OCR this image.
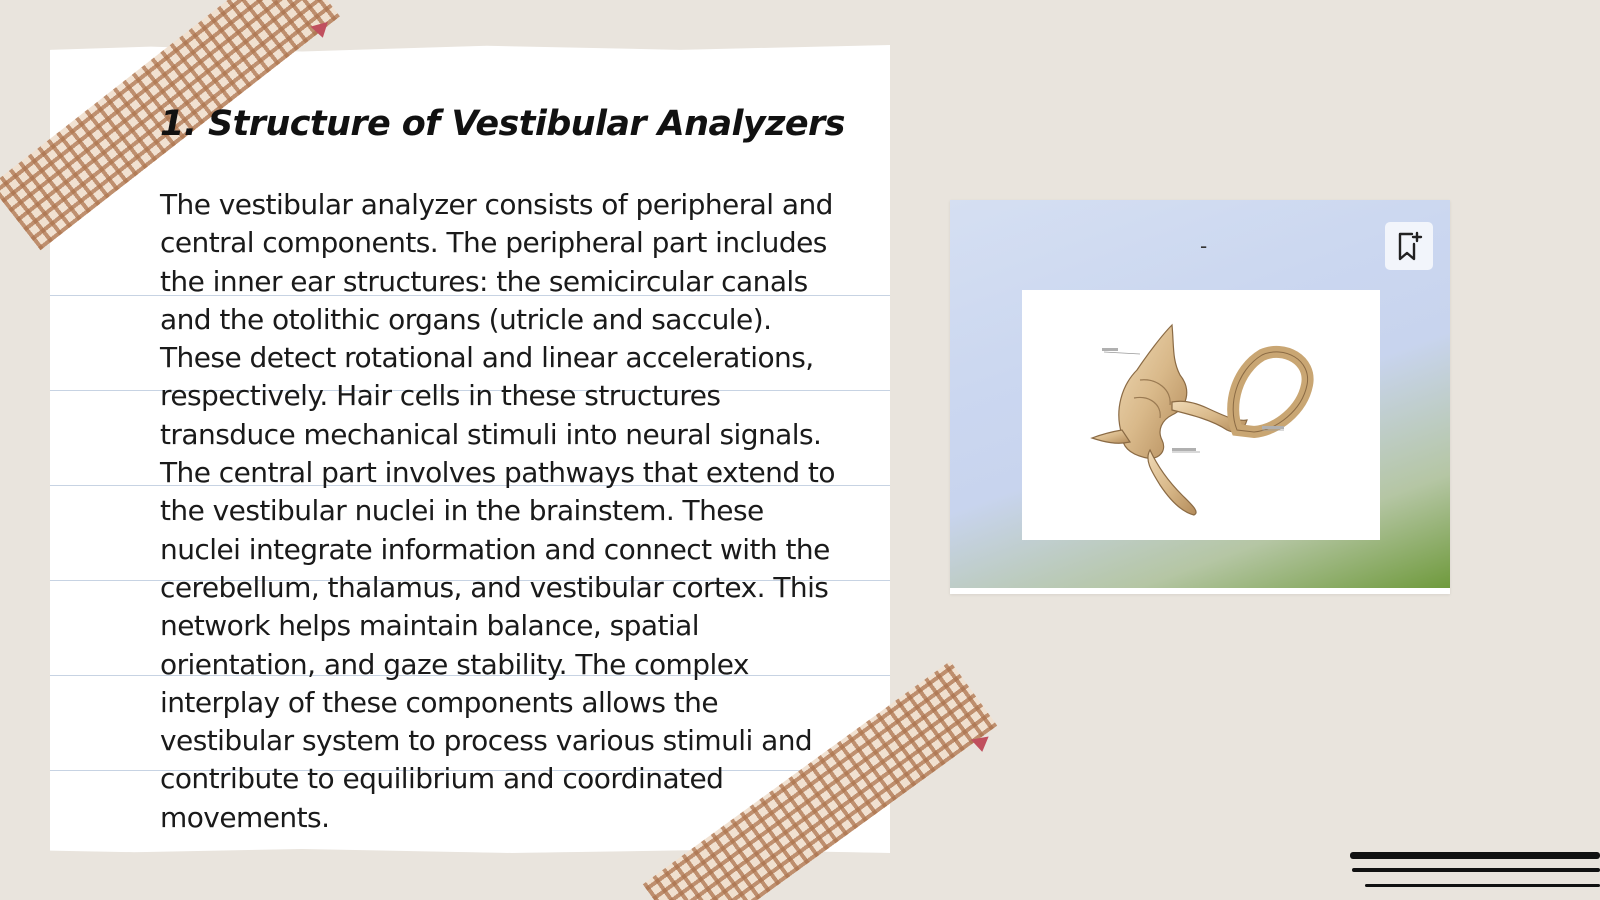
1. Structure of Vestibular Analyzers

The vestibular analyzer consists of peripheral and central components. The peripheral part includes the inner ear structures: the semicircular canals and the otolithic organs (utricle and saccule). These detect rotational and linear accelerations, respectively. Hair cells in these structures transduce mechanical stimuli into neural signals. The central part involves pathways that extend to the vestibular nuclei in the brainstem. These nuclei integrate information and connect with the cerebellum, thalamus, and vestibular cortex. This network helps maintain balance, spatial orientation, and gaze stability. The complex interplay of these components allows the vestibular system to process various stimuli and contribute to equilibrium and coordinated movements.

-
